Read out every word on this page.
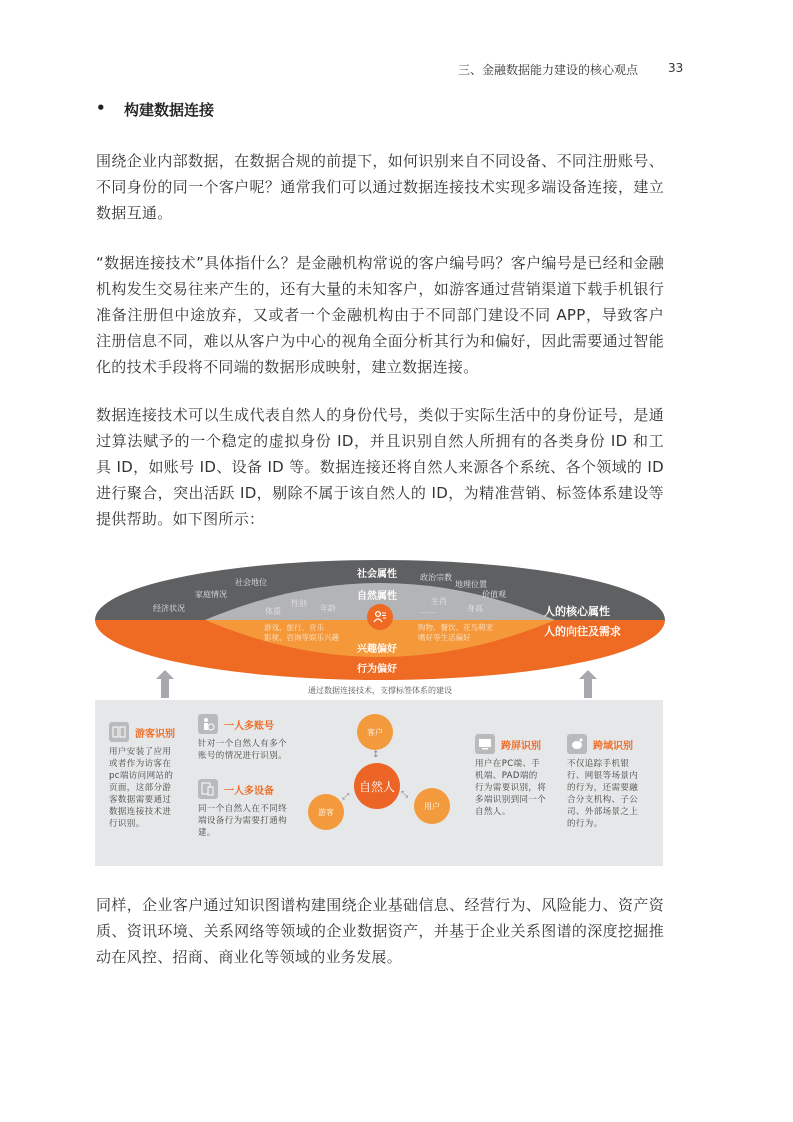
三、金融数据能力建设的核心观点 33
•	构建数据连接

围绕企业内部数据，在数据合规的前提下，如何识别来自不同设备、不同注册账号、不同身份的同一个客户呢？通常我们可以通过数据连接技术实现多端设备连接，建立数据互通。

“数据连接技术”具体指什么？是金融机构常说的客户编号吗？客户编号是已经和金融机构发生交易往来产生的，还有大量的未知客户，如游客通过营销渠道下载手机银行准备注册但中途放弃，又或者一个金融机构由于不同部门建设不同 APP，导致客户注册信息不同，难以从客户为中心的视角全面分析其行为和偏好，因此需要通过智能化的技术手段将不同端的数据形成映射，建立数据连接。

数据连接技术可以生成代表自然人的身份代号，类似于实际生活中的身份证号，是通过算法赋予的一个稳定的虚拟身份 ID，并且识别自然人所拥有的各类身份 ID 和工具 ID，如账号 ID、设备 ID 等。数据连接还将自然人来源各个系统、各个领域的 ID 进行聚合，突出活跃 ID，剔除不属于该自然人的 ID，为精准营销、标签体系建设等提供帮助。如下图所示：

社会属性
经济状况
家庭情况
社会地位
政治宗教
地理位置
价值观
自然属性
体重
性别
年龄
生肖
……	身高
游戏、旅行、音乐
影视、咨询等娱乐兴趣
购物、餐饮、花鸟萌宠
嗜好等生活偏好
兴趣偏好
行为偏好
人的核心属性
人的向往及需求
通过数据连接技术，支撑标签体系的建设
游客识别
用户安装了应用
或者作为访客在
pc端访问网站的
页面，这部分游
客数据需要通过
数据连接技术进
行识别。
一人多账号
针对一个自然人有多个
账号的情况进行识别。
一人多设备
同一个自然人在不同终
端设备行为需要打通构
建。
客户
自然人
游客
用户
↕
⤢	⤡
跨屏识别
用户在PC端、手
机端、PAD端的
行为需要识别，将
多端识别到同一个
自然人。
跨域识别
不仅追踪手机银
行、网银等场景内
的行为，还需要融
合分支机构、子公
司、外部场景之上
的行为。

同样，企业客户通过知识图谱构建围绕企业基础信息、经营行为、风险能力、资产资质、资讯环境、关系网络等领域的企业数据资产，并基于企业关系图谱的深度挖掘推动在风控、招商、商业化等领域的业务发展。
